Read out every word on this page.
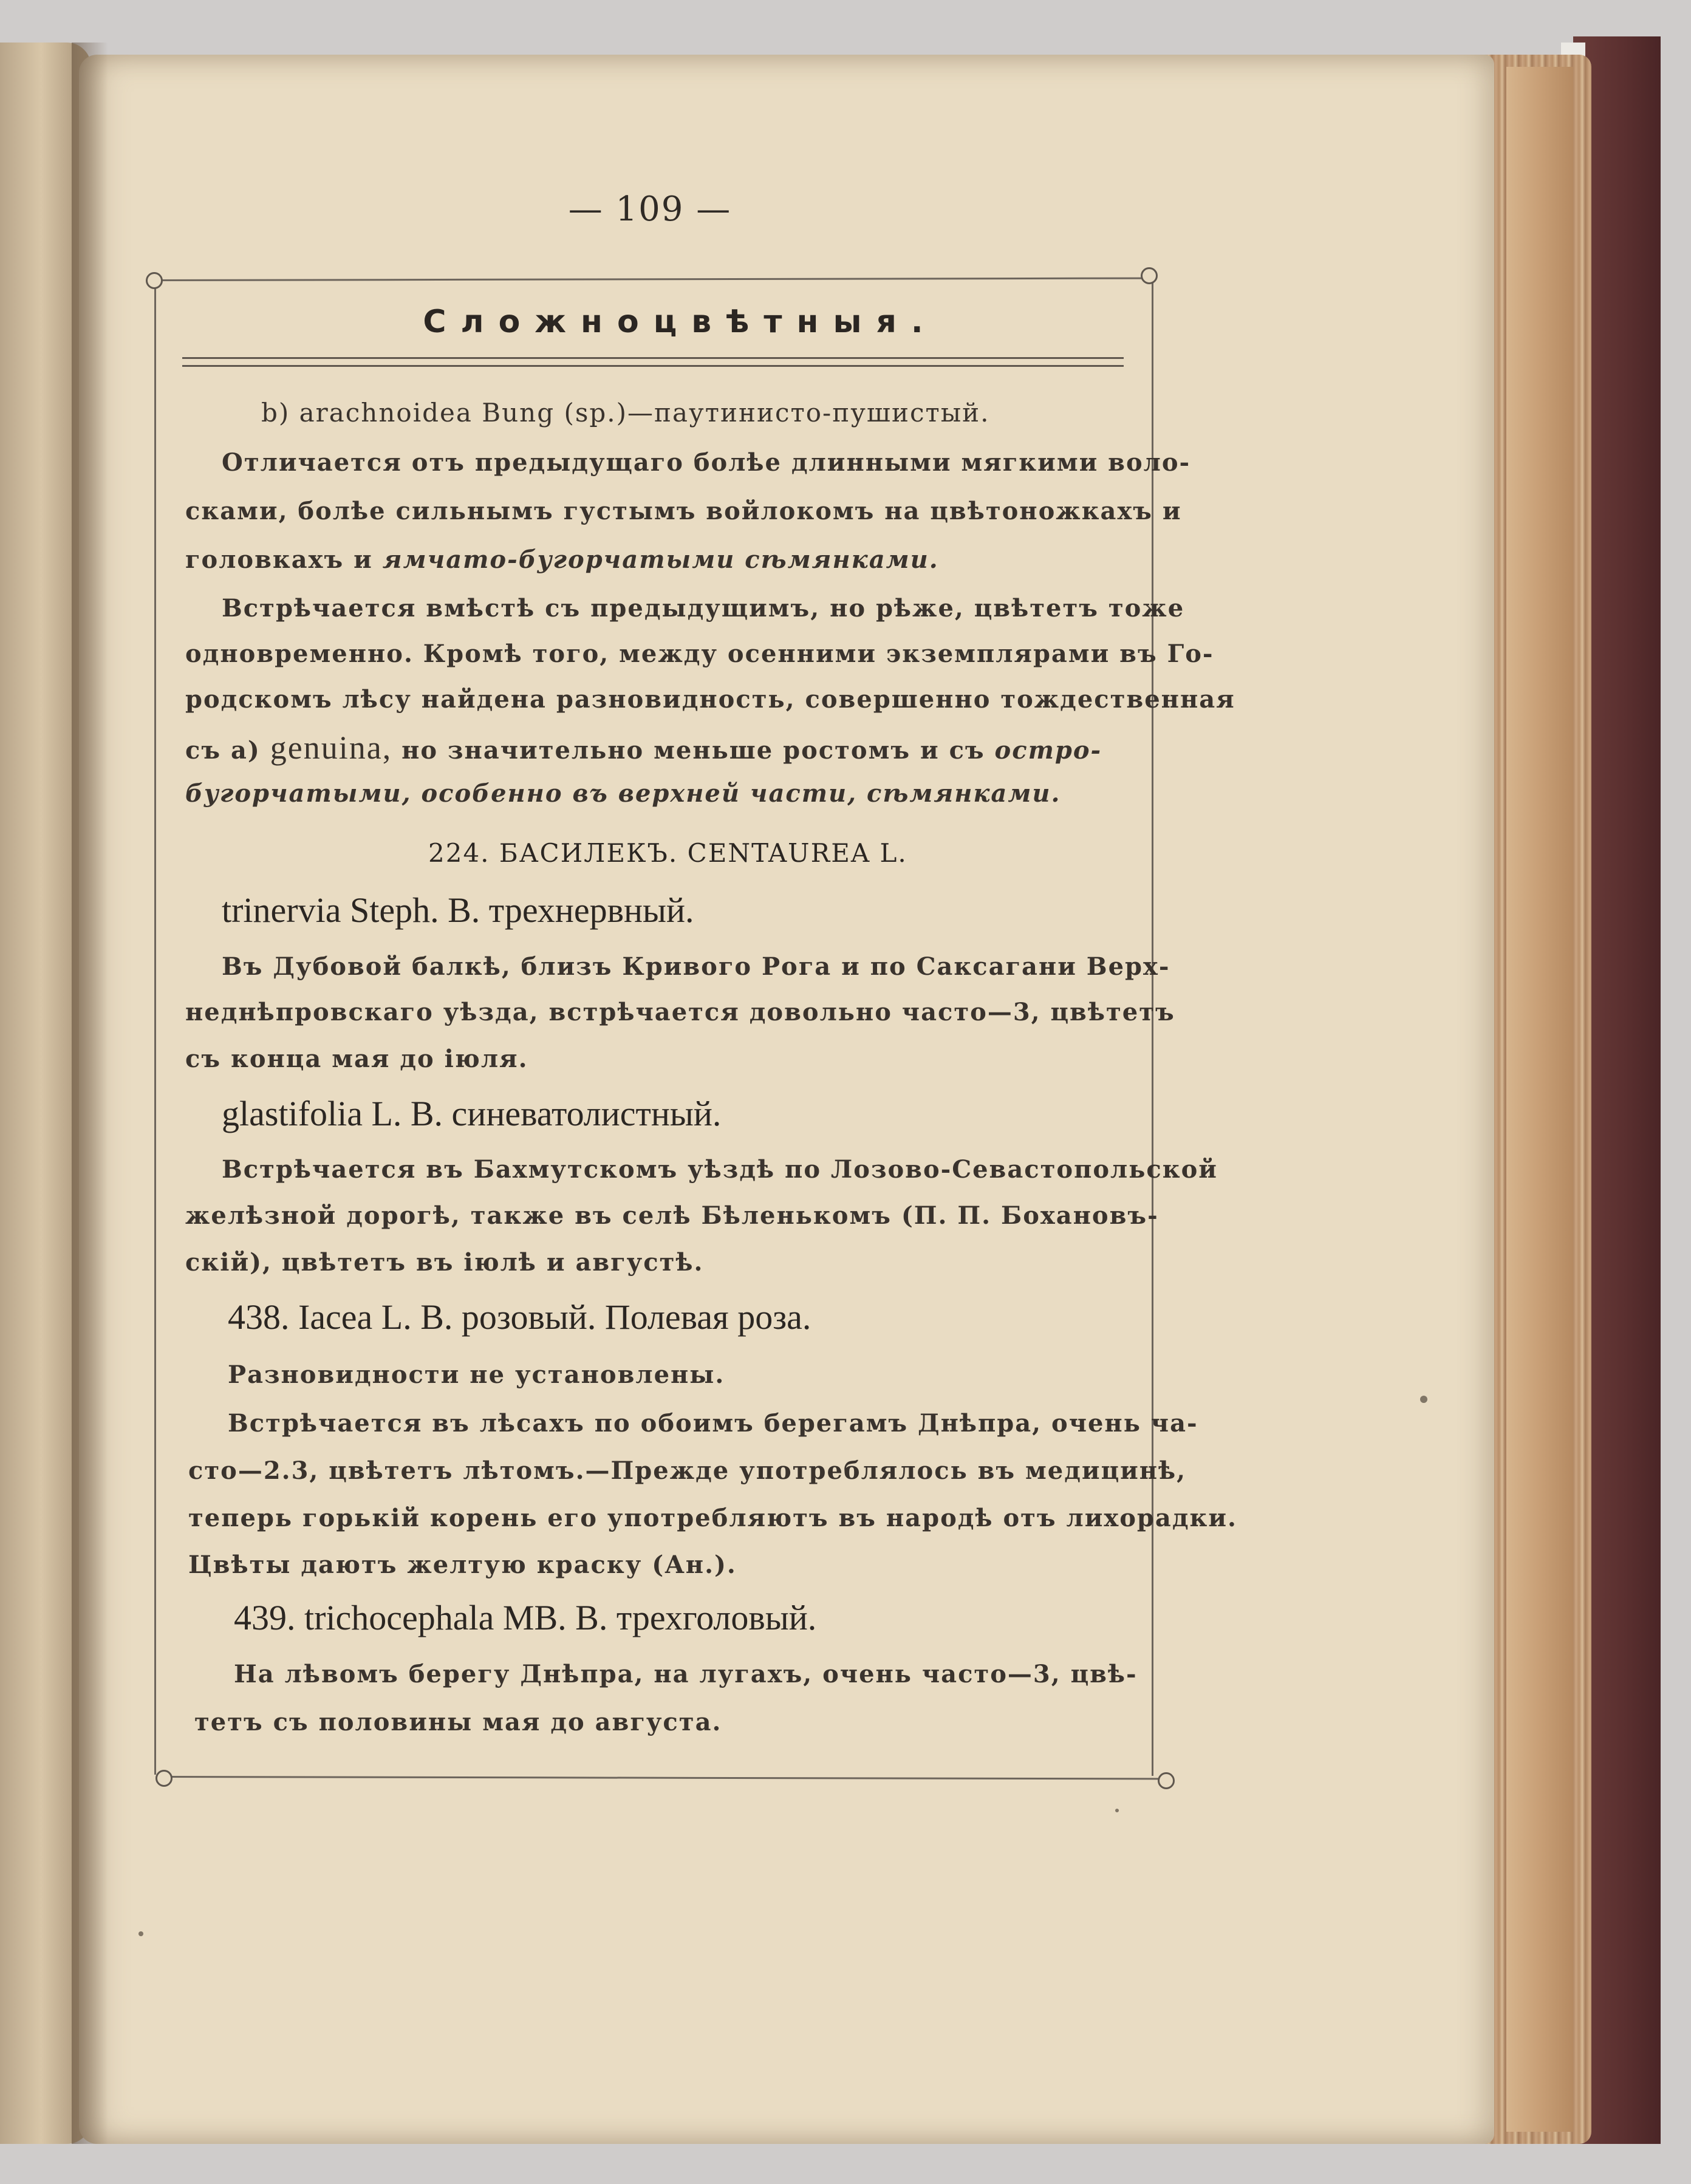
— 109 —
Сложноцвѣтныя.
b) arachnoidea Bung (sp.)—паутинисто-пушистый.
Отличается отъ предыдущаго болѣе длинными мягкими воло-
сками, болѣе сильнымъ густымъ войлокомъ на цвѣтоножкахъ и
головкахъ и ямчато-бугорчатыми сѣмянками.
Встрѣчается вмѣстѣ съ предыдущимъ, но рѣже, цвѣтетъ тоже
одновременно. Кромѣ того, между осенними экземплярами въ Го-
родскомъ лѣсу найдена разновидность, совершенно тождественная
съ а) genuina, но значительно меньше ростомъ и съ остро-
бугорчатыми, особенно въ верхней части, сѣмянками.
224. БАСИЛЕКЪ. CENTAUREA L.
trinervia Steph. B. трехнервный.
Въ Дубовой балкѣ, близъ Кривого Рога и по Саксагани Верх-
неднѣпровскаго уѣзда, встрѣчается довольно часто—3, цвѣтетъ
съ конца мая до іюля.
glastifolia L. B. синеватолистный.
Встрѣчается въ Бахмутскомъ уѣздѣ по Лозово-Севастопольской
желѣзной дорогѣ, также въ селѣ Бѣленькомъ (П. П. Бохановъ-
скій), цвѣтетъ въ іюлѣ и августѣ.
438. Iacea L. B. розовый. Полевая роза.
Разновидности не установлены.
Встрѣчается въ лѣсахъ по обоимъ берегамъ Днѣпра, очень ча-
сто—2.3, цвѣтетъ лѣтомъ.—Прежде употреблялось въ медицинѣ,
теперь горькій корень его употребляютъ въ народѣ отъ лихорадки.
Цвѣты даютъ желтую краску (Ан.).
439. trichocephala MB. B. трехголовый.
На лѣвомъ берегу Днѣпра, на лугахъ, очень часто—3, цвѣ-
тетъ съ половины мая до августа.
